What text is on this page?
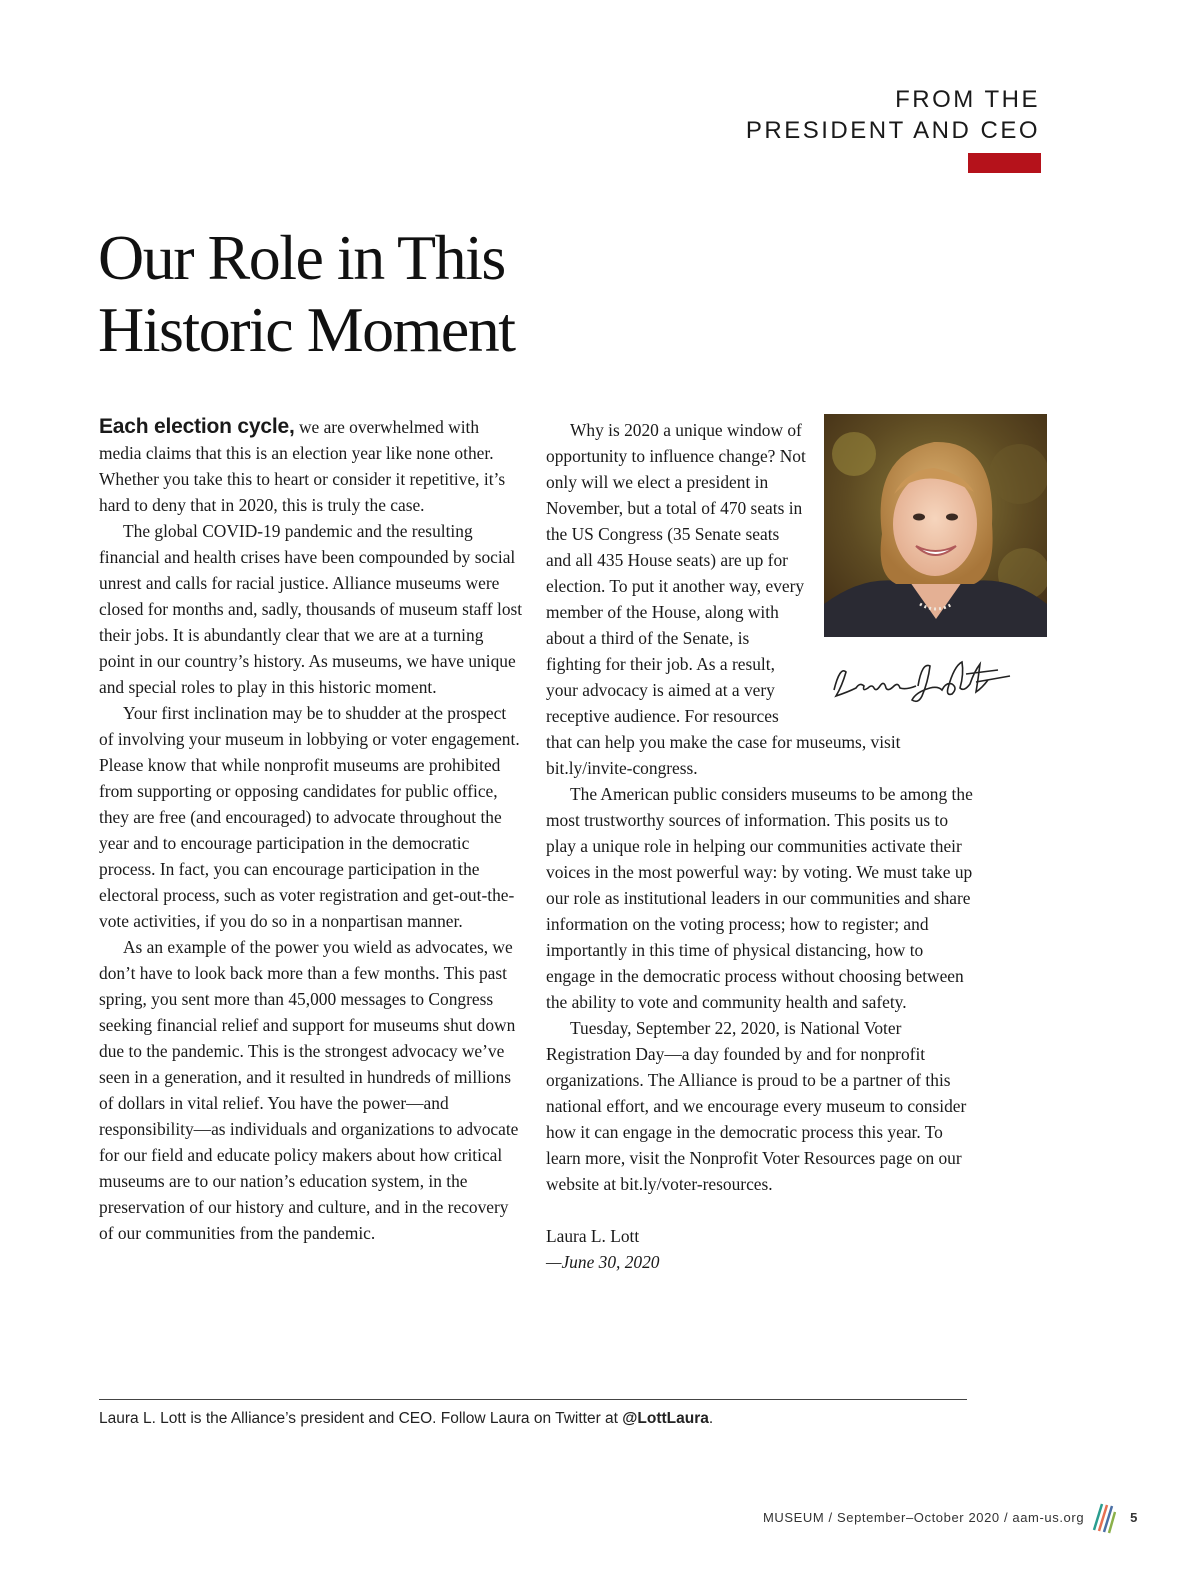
FROM THE
PRESIDENT AND CEO
Our Role in This
Historic Moment

Each election cycle, we are overwhelmed with media claims that this is an election year like none other. Whether you take this to heart or consider it repetitive, it’s hard to deny that in 2020, this is truly the case.

The global COVID-19 pandemic and the resulting financial and health crises have been compounded by social unrest and calls for racial justice. Alliance museums were closed for months and, sadly, thousands of museum staff lost their jobs. It is abundantly clear that we are at a turning point in our country’s history. As museums, we have unique and special roles to play in this historic moment.

Your first inclination may be to shudder at the prospect of involving your museum in lobbying or voter engagement. Please know that while nonprofit museums are prohibited from supporting or opposing candidates for public office, they are free (and encouraged) to advocate throughout the year and to encourage participation in the democratic process. In fact, you can encourage participation in the electoral process, such as voter registration and get-out-the-vote activities, if you do so in a nonpartisan manner.

As an example of the power you wield as advocates, we don’t have to look back more than a few months. This past spring, you sent more than 45,000 messages to Congress seeking financial relief and support for museums shut down due to the pandemic. This is the strongest advocacy we’ve seen in a generation, and it resulted in hundreds of millions of dollars in vital relief. You have the power—and responsibility—as individuals and organizations to advocate for our field and educate policy makers about how critical museums are to our nation’s education system, in the preservation of our history and culture, and in the recovery of our communities from the pandemic.

Why is 2020 a unique window of opportunity to influence change? Not only will we elect a president in November, but a total of 470 seats in the US Congress (35 Senate seats and all 435 House seats) are up for election. To put it another way, every member of the House, along with about a third of the Senate, is fighting for their job. As a result, your advocacy is aimed at a very receptive audience. For resources that can help you make the case for museums, visit bit.ly/invite-congress.

The American public considers museums to be among the most trustworthy sources of information. This posits us to play a unique role in helping our communities activate their voices in the most powerful way: by voting. We must take up our role as institutional leaders in our communities and share information on the voting process; how to register; and importantly in this time of physical distancing, how to engage in the democratic process without choosing between the ability to vote and community health and safety.

Tuesday, September 22, 2020, is National Voter Registration Day—a day founded by and for nonprofit organizations. The Alliance is proud to be a partner of this national effort, and we encourage every museum to consider how it can engage in the democratic process this year. To learn more, visit the Nonprofit Voter Resources page on our website at bit.ly/voter-resources.

Laura L. Lott
—June 30, 2020
Laura L. Lott is the Alliance’s president and CEO. Follow Laura on Twitter at @LottLaura.
MUSEUM / September–October 2020 / aam-us.org	5
